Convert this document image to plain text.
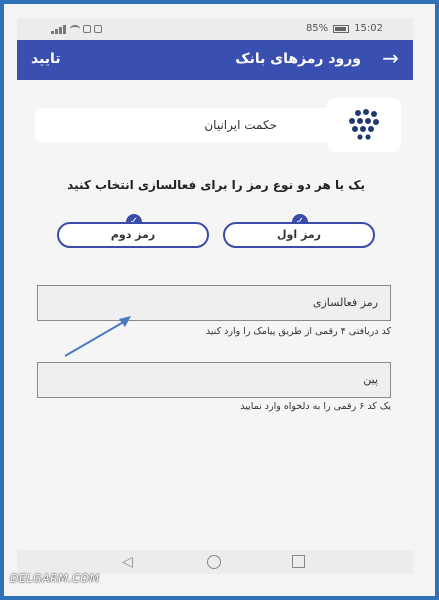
85%	15:02
تایید	ورود رمزهای بانک →
حکمت ایرانیان
یک یا هر دو نوع رمز را برای فعالسازی انتخاب کنید
رمز اول
رمز دوم
رمز فعالسازی
کد دریافتی ۴ رقمی از طریق پیامک را وارد کنید
پین
یک کد ۶ رقمی را به دلخواه وارد نمایید
◁
DELGARM.COM
